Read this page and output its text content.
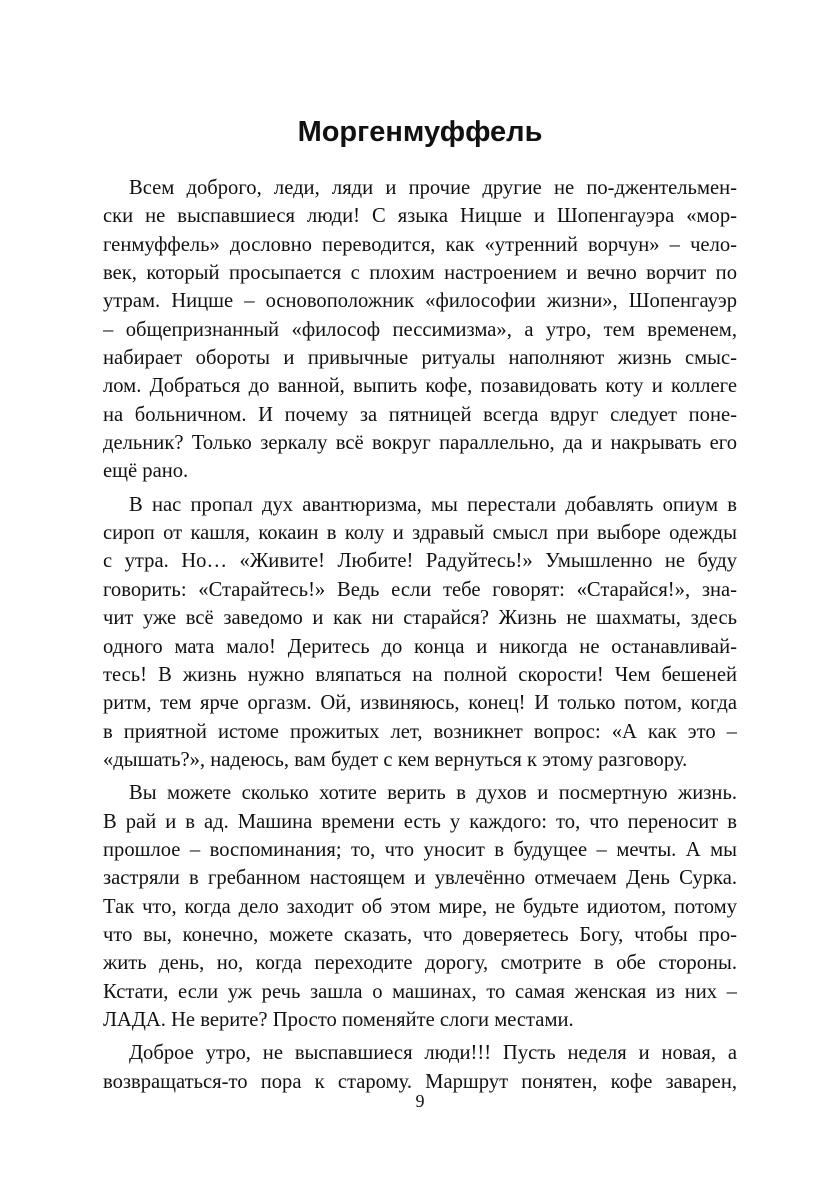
Моргенмуффель
Всем доброго, леди, ляди и прочие другие не по-джентельмен-
ски не выспавшиеся люди! С языка Ницше и Шопенгауэра «мор-
генмуффель» дословно переводится, как «утренний ворчун» – чело-
век, который просыпается с плохим настроением и вечно ворчит по
утрам. Ницше – основоположник «философии жизни», Шопенгауэр
– общепризнанный «философ пессимизма», а утро, тем временем,
набирает обороты и привычные ритуалы наполняют жизнь смыс-
лом. Добраться до ванной, выпить кофе, позавидовать коту и коллеге
на больничном. И почему за пятницей всегда вдруг следует поне-
дельник? Только зеркалу всё вокруг параллельно, да и накрывать его
ещё рано.
В нас пропал дух авантюризма, мы перестали добавлять опиум в
сироп от кашля, кокаин в колу и здравый смысл при выборе одежды
с утра. Но… «Живите! Любите! Радуйтесь!» Умышленно не буду
говорить: «Старайтесь!» Ведь если тебе говорят: «Старайся!», зна-
чит уже всё заведомо и как ни старайся? Жизнь не шахматы, здесь
одного мата мало! Деритесь до конца и никогда не останавливай-
тесь! В жизнь нужно вляпаться на полной скорости! Чем бешеней
ритм, тем ярче оргазм. Ой, извиняюсь, конец! И только потом, когда
в приятной истоме прожитых лет, возникнет вопрос: «А как это –
«дышать?», надеюсь, вам будет с кем вернуться к этому разговору.
Вы можете сколько хотите верить в духов и посмертную жизнь.
В рай и в ад. Машина времени есть у каждого: то, что переносит в
прошлое – воспоминания; то, что уносит в будущее – мечты. А мы
застряли в гребанном настоящем и увлечённо отмечаем День Сурка.
Так что, когда дело заходит об этом мире, не будьте идиотом, потому
что вы, конечно, можете сказать, что доверяетесь Богу, чтобы про-
жить день, но, когда переходите дорогу, смотрите в обе стороны.
Кстати, если уж речь зашла о машинах, то самая женская из них –
ЛАДА. Не верите? Просто поменяйте слоги местами.
Доброе утро, не выспавшиеся люди!!! Пусть неделя и новая, а
возвращаться-то пора к старому. Маршрут понятен, кофе заварен,
9
